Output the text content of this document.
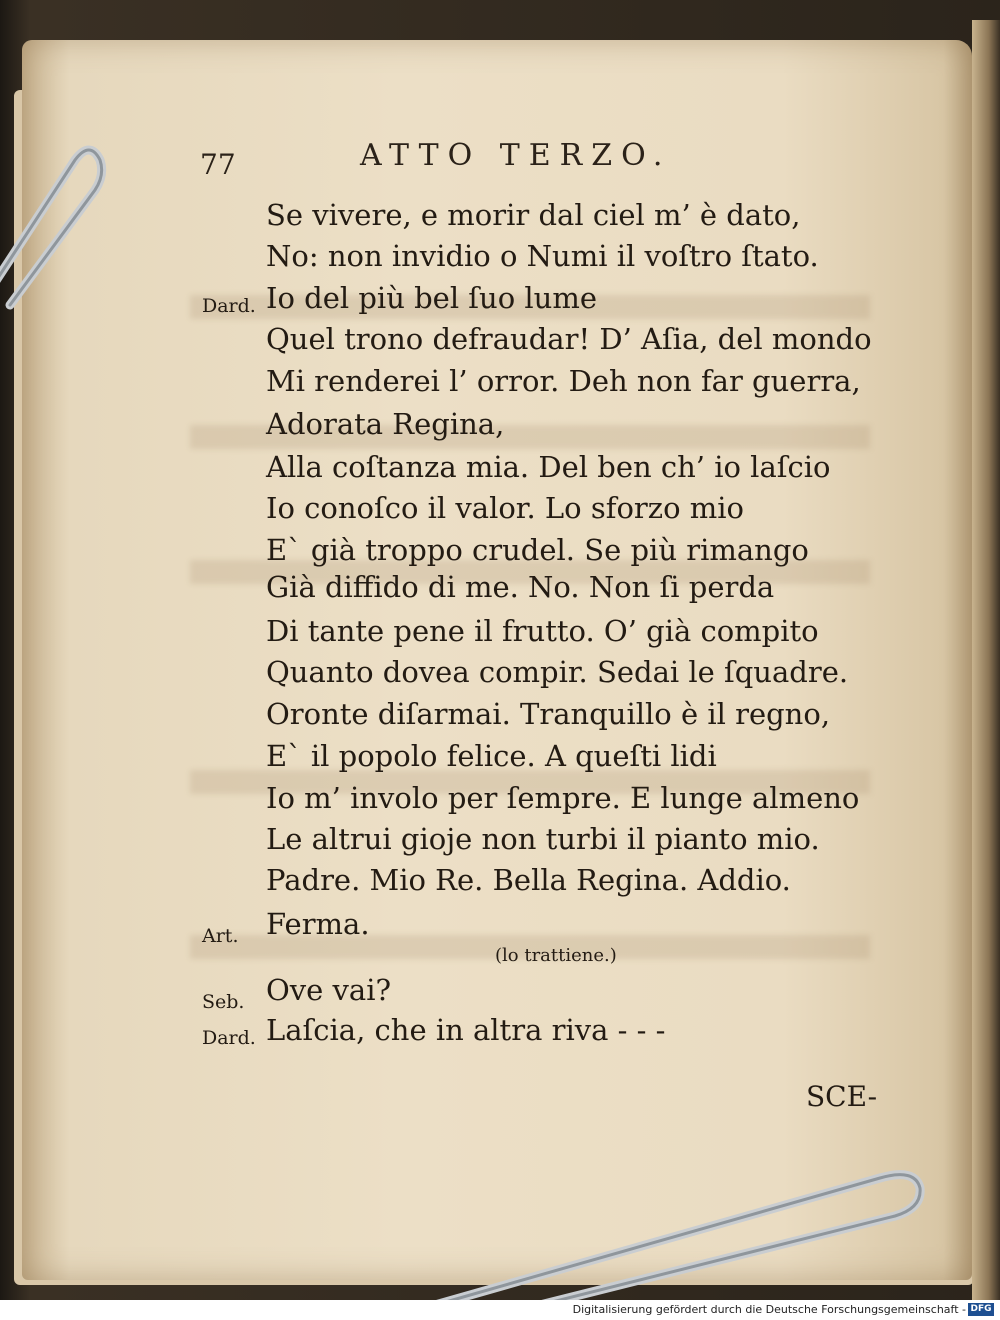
77	ATTO TERZO.
Dard.
Art.
Seb.
Dard.
Se vivere, e morir dal ciel m’ è dato,
No: non invidio o Numi il voſtro ſtato.
Io del più bel ſuo lume
Quel trono defraudar! D’ Aſia, del mondo
Mi renderei l’ orror. Deh non far guerra,
Adorata Regina,
Alla coſtanza mia. Del ben ch’ io laſcio
Io conoſco il valor. Lo sforzo mio
E` già troppo crudel. Se più rimango
Già diffido di me. No. Non ſi perda
Di tante pene il frutto. O’ già compito
Quanto dovea compir. Sedai le ſquadre.
Oronte diſarmai. Tranquillo è il regno,
E` il popolo felice. A queſti lidi
Io m’ involo per ſempre. E lunge almeno
Le altrui gioje non turbi il pianto mio.
Padre. Mio Re. Bella Regina. Addio.
Ferma.
(lo trattiene.)
Ove vai?
Laſcia, che in altra riva - - -
SCE-
Digitalisierung gefördert durch die Deutsche Forschungsgemeinschaft - DFG
